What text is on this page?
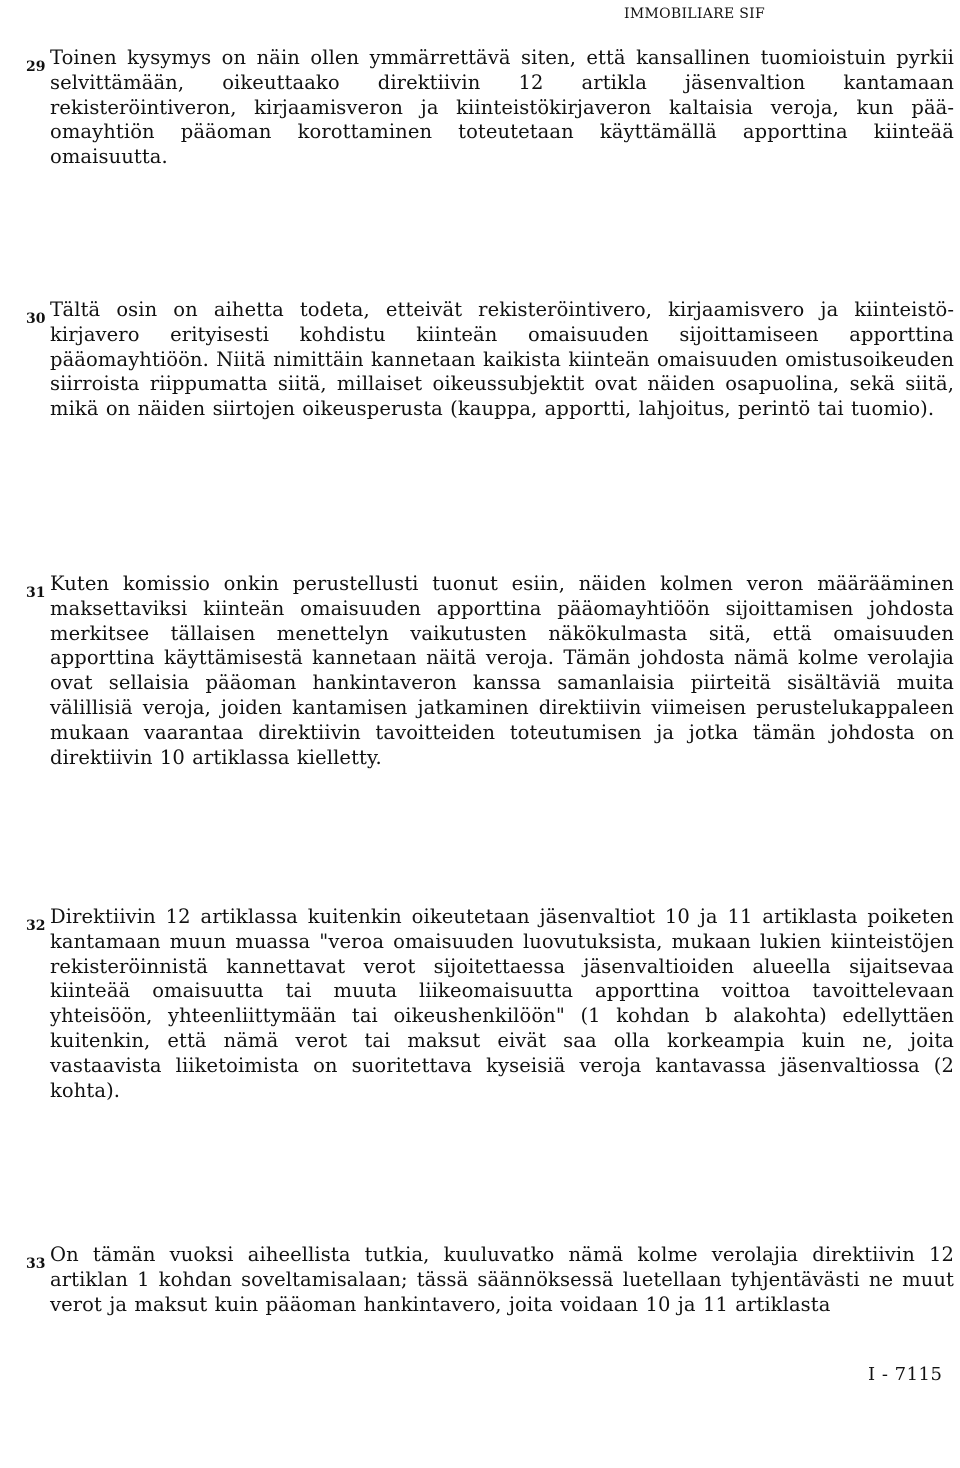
IMMOBILIARE SIF
29 Toinen kysymys on näin ollen ymmärrettävä siten, että kansallinen tuomioistuin pyrkii selvittämään, oikeuttaako direktiivin 12 artikla jäsenvaltion kantamaan rekisteröintiveron, kirjaamisveron ja kiinteistökirjaveron kaltaisia veroja, kun pääomayhtiön pääoman korottaminen toteutetaan käyttämällä apporttina kiinteää omaisuutta.

30 Tältä osin on aihetta todeta, etteivät rekisteröintivero, kirjaamisvero ja kiinteistökirjavero erityisesti kohdistu kiinteän omaisuuden sijoittamiseen apporttina pääomayhtiöön. Niitä nimittäin kannetaan kaikista kiinteän omaisuuden omistusoikeuden siirroista riippumatta siitä, millaiset oikeussubjektit ovat näiden osapuolina, sekä siitä, mikä on näiden siirtojen oikeusperusta (kauppa, apportti, lahjoitus, perintö tai tuomio).

31 Kuten komissio onkin perustellusti tuonut esiin, näiden kolmen veron määrääminen maksettaviksi kiinteän omaisuuden apporttina pääomayhtiöön sijoittamisen johdosta merkitsee tällaisen menettelyn vaikutusten näkökulmasta sitä, että omaisuuden apporttina käyttämisestä kannetaan näitä veroja. Tämän johdosta nämä kolme verolajia ovat sellaisia pääoman hankintaveron kanssa samanlaisia piirteitä sisältäviä muita välillisiä veroja, joiden kantamisen jatkaminen direktiivin viimeisen perustelukappaleen mukaan vaarantaa direktiivin tavoitteiden toteutumisen ja jotka tämän johdosta on direktiivin 10 artiklassa kielletty.

32 Direktiivin 12 artiklassa kuitenkin oikeutetaan jäsenvaltiot 10 ja 11 artiklasta poiketen kantamaan muun muassa "veroa omaisuuden luovutuksista, mukaan lukien kiinteistöjen rekisteröinnistä kannettavat verot sijoitettaessa jäsenvaltioiden alueella sijaitsevaa kiinteää omaisuutta tai muuta liikeomaisuutta apporttina voittoa tavoittelevaan yhteisöön, yhteenliittymään tai oikeushenkilöön" (1 kohdan b alakohta) edellyttäen kuitenkin, että nämä verot tai maksut eivät saa olla korkeampia kuin ne, joita vastaavista liiketoimista on suoritettava kyseisiä veroja kantavassa jäsenvaltiossa (2 kohta).

33 On tämän vuoksi aiheellista tutkia, kuuluvatko nämä kolme verolajia direktiivin 12 artiklan 1 kohdan soveltamisalaan; tässä säännöksessä luetellaan tyhjentävästi ne muut verot ja maksut kuin pääoman hankintavero, joita voidaan 10 ja 11 artiklasta

I - 7115
